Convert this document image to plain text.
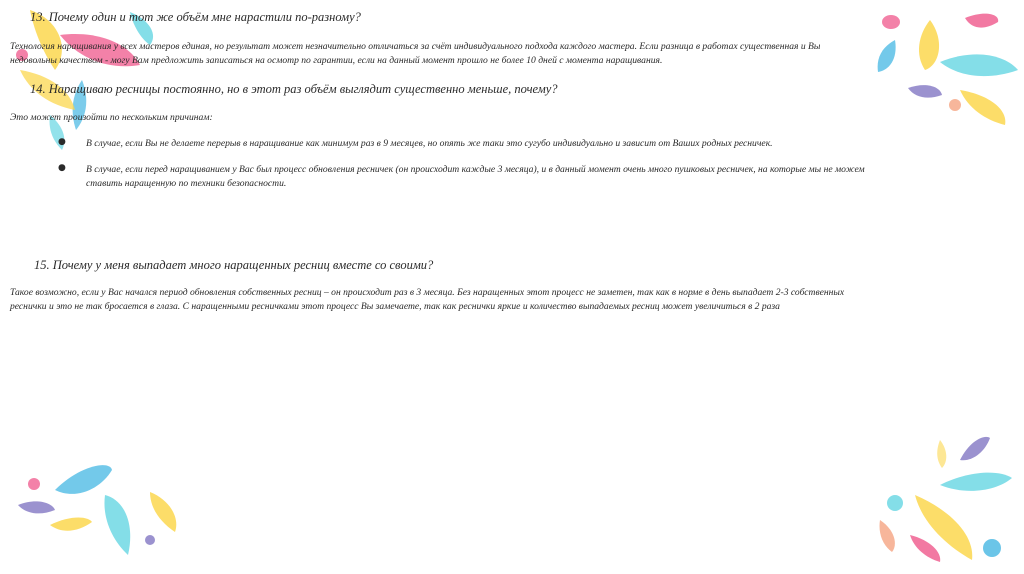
13. Почему один и тот же объём мне нарастили по-разному?
Технология наращивания у всех мастеров единая, но результат может незначительно отличаться за счёт индивидуального подхода каждого мастера. Если разница в работах существенная и Вы
недовольны качеством - могу Вам предложить записаться на осмотр по гарантии, если на данный момент прошло не более 10 дней с момента наращивания.
14. Наращиваю ресницы постоянно, но в этот раз объём выглядит существенно меньше, почему?
Это может произойти по нескольким причинам:
● В случае, если Вы не делаете перерыв в наращивание как минимум раз в 9 месяцев, но опять же таки это сугубо индивидуально и зависит от Ваших родных ресничек.
● В случае, если перед наращиванием у Вас был процесс обновления ресничек (он происходит каждые 3 месяца), и в данный момент очень много пушковых ресничек, на которые мы не можем
ставить наращенную по техники безопасности.
15. Почему у меня выпадает много наращенных ресниц вместе со своими?
Такое возможно, если у Вас начался период обновления собственных ресниц – он происходит раз в 3 месяца. Без наращенных этот процесс не заметен, так как в норме в день выпадает 2-3 собственных
реснички и это не так бросается в глаза. С наращенными ресничками этот процесс Вы замечаете, так как реснички яркие и количество выпадаемых ресниц может увеличиться в 2 раза
